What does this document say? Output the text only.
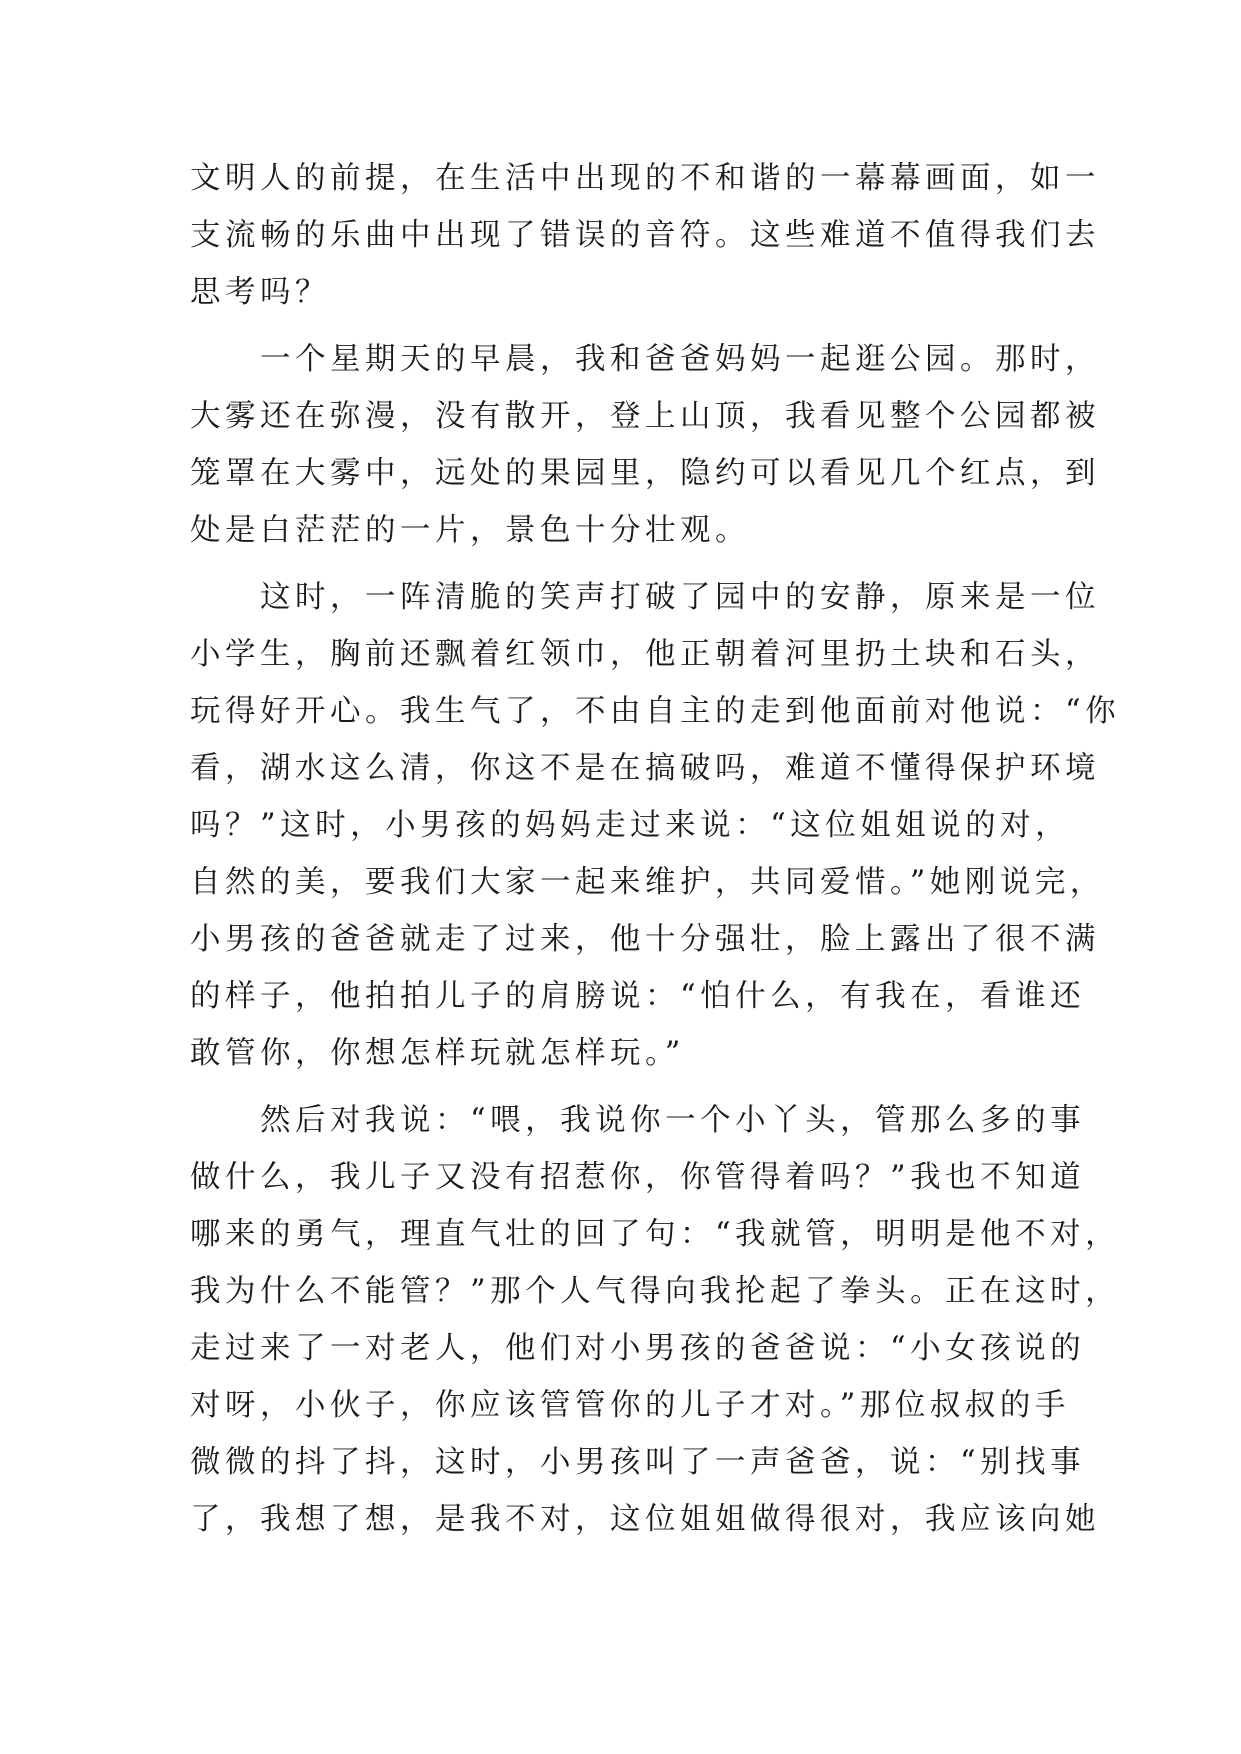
文明人的前提，在生活中出现的不和谐的一幕幕画面，如一
支流畅的乐曲中出现了错误的音符。这些难道不值得我们去
思考吗？
　　一个星期天的早晨，我和爸爸妈妈一起逛公园。那时，
大雾还在弥漫，没有散开，登上山顶，我看见整个公园都被
笼罩在大雾中，远处的果园里，隐约可以看见几个红点，到
处是白茫茫的一片，景色十分壮观。
　　这时，一阵清脆的笑声打破了园中的安静，原来是一位
小学生，胸前还飘着红领巾，他正朝着河里扔土块和石头，
玩得好开心。我生气了，不由自主的走到他面前对他说：“你
看，湖水这么清，你这不是在搞破吗，难道不懂得保护环境
吗？”这时，小男孩的妈妈走过来说：“这位姐姐说的对，
自然的美，要我们大家一起来维护，共同爱惜。”她刚说完，
小男孩的爸爸就走了过来，他十分强壮，脸上露出了很不满
的样子，他拍拍儿子的肩膀说：“怕什么，有我在，看谁还
敢管你，你想怎样玩就怎样玩。”
　　然后对我说：“喂，我说你一个小丫头，管那么多的事
做什么，我儿子又没有招惹你，你管得着吗？”我也不知道
哪来的勇气，理直气壮的回了句：“我就管，明明是他不对，
我为什么不能管？”那个人气得向我抡起了拳头。正在这时，
走过来了一对老人，他们对小男孩的爸爸说：“小女孩说的
对呀，小伙子，你应该管管你的儿子才对。”那位叔叔的手
微微的抖了抖，这时，小男孩叫了一声爸爸，说：“别找事
了，我想了想，是我不对，这位姐姐做得很对，我应该向她
